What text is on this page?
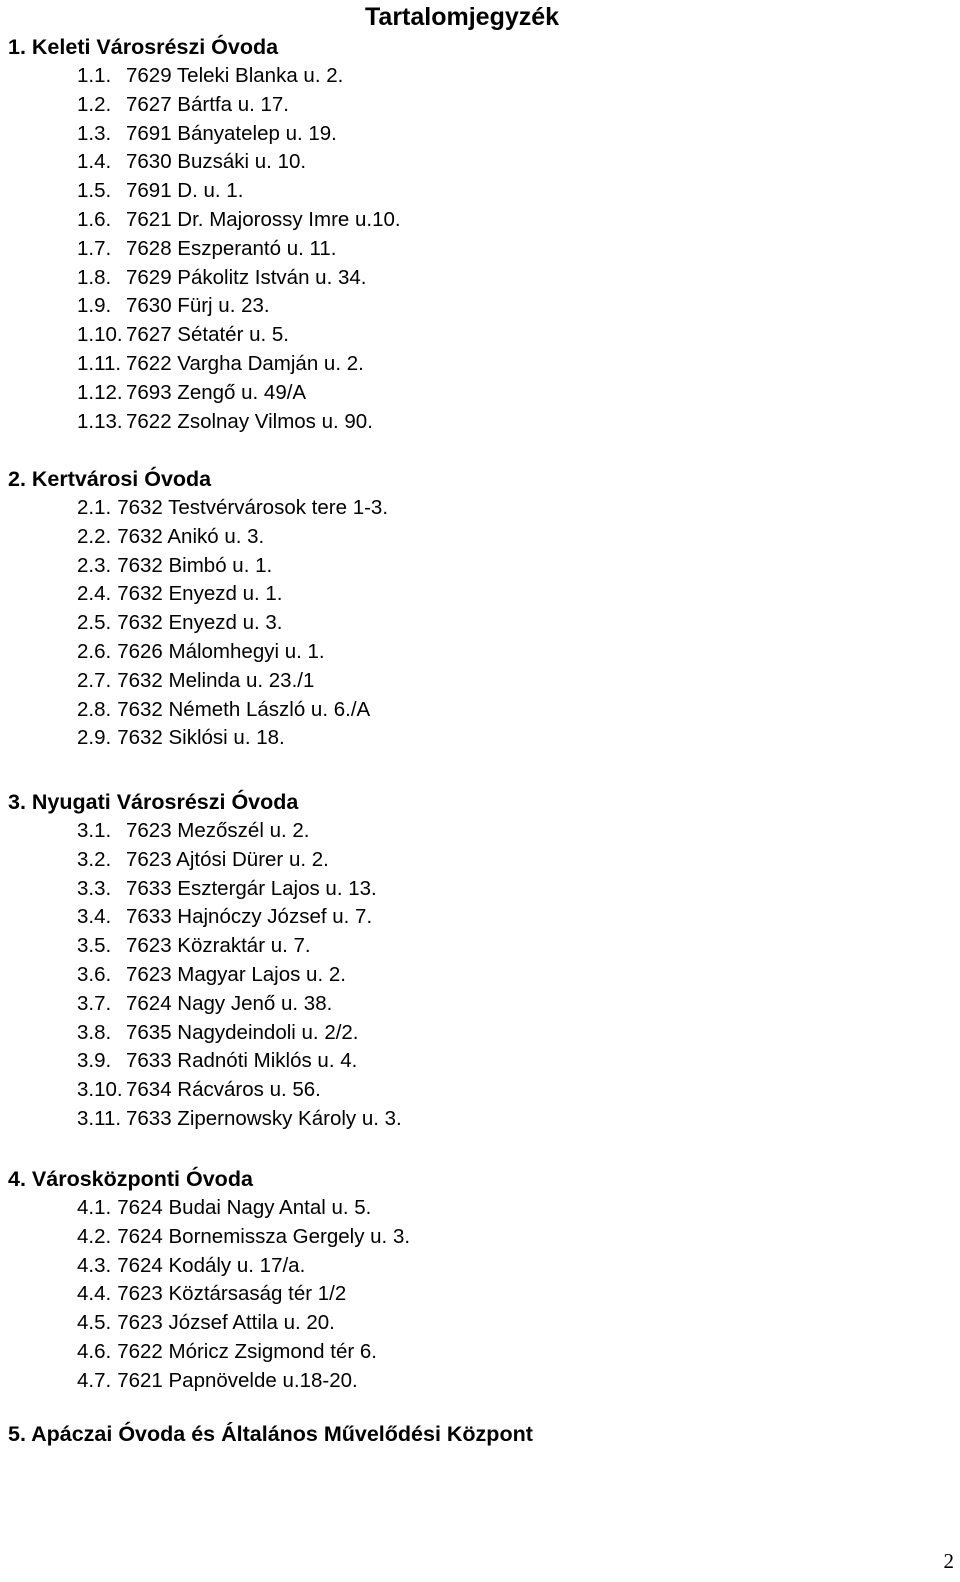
Tartalomjegyzék
1. Keleti Városrészi Óvoda
1.1. 7629 Teleki Blanka u. 2.
1.2. 7627 Bártfa u. 17.
1.3. 7691 Bányatelep u. 19.
1.4. 7630 Buzsáki u. 10.
1.5. 7691 D. u. 1.
1.6. 7621 Dr. Majorossy Imre u.10.
1.7. 7628 Eszperantó u. 11.
1.8. 7629 Pákolitz István u. 34.
1.9. 7630 Fürj u. 23.
1.10. 7627 Sétatér u. 5.
1.11. 7622 Vargha Damján u. 2.
1.12. 7693 Zengő u. 49/A
1.13. 7622 Zsolnay Vilmos u. 90.
2. Kertvárosi Óvoda
2.1. 7632 Testvérvárosok tere 1-3.
2.2. 7632 Anikó u. 3.
2.3. 7632 Bimbó u. 1.
2.4. 7632 Enyezd u. 1.
2.5. 7632 Enyezd u. 3.
2.6. 7626 Málomhegyi u. 1.
2.7. 7632 Melinda u. 23./1
2.8. 7632 Németh László u. 6./A
2.9. 7632 Siklósi u. 18.
3. Nyugati Városrészi Óvoda
3.1. 7623 Mezőszél u. 2.
3.2. 7623 Ajtósi Dürer u. 2.
3.3. 7633 Esztergár Lajos u. 13.
3.4. 7633 Hajnóczy József u. 7.
3.5. 7623 Közraktár u. 7.
3.6. 7623 Magyar Lajos u. 2.
3.7. 7624 Nagy Jenő u. 38.
3.8. 7635 Nagydeindoli u. 2/2.
3.9. 7633 Radnóti Miklós u. 4.
3.10. 7634 Rácváros u. 56.
3.11. 7633 Zipernowsky Károly u. 3.
4. Városközponti Óvoda
4.1. 7624 Budai Nagy Antal u. 5.
4.2. 7624 Bornemissza Gergely u. 3.
4.3. 7624 Kodály u. 17/a.
4.4. 7623 Köztársaság tér 1/2
4.5. 7623 József Attila u. 20.
4.6. 7622 Móricz Zsigmond tér 6.
4.7. 7621 Papnövelde u.18-20.
5. Apáczai Óvoda és Általános Művelődési Központ
2
